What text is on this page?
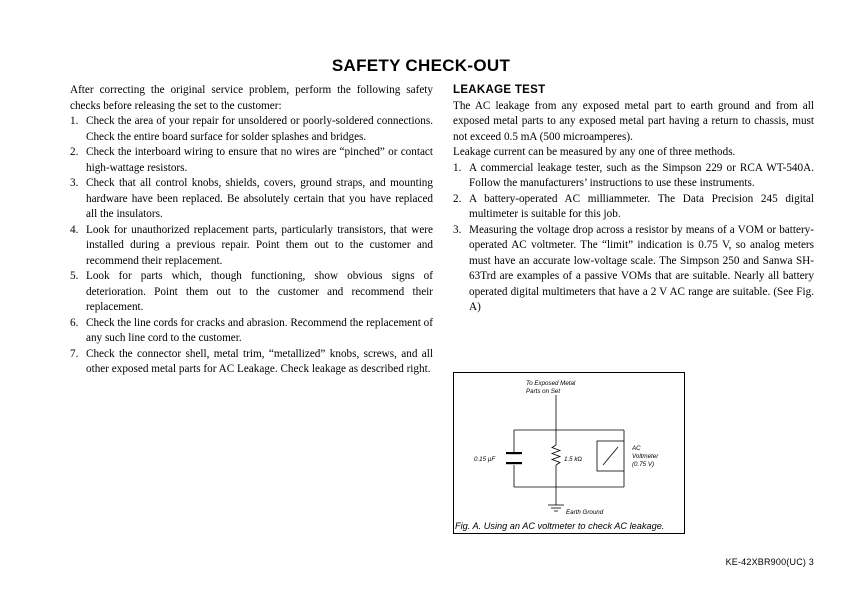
SAFETY CHECK-OUT

After correcting the original service problem, perform the following safety checks before releasing the set to the customer:

1. Check the area of your repair for unsoldered or poorly-soldered connections. Check the entire board surface for solder splashes and bridges.
2. Check the interboard wiring to ensure that no wires are “pinched” or contact high-wattage resistors.
3. Check that all control knobs, shields, covers, ground straps, and mounting hardware have been replaced. Be absolutely certain that you have replaced all the insulators.
4. Look for unauthorized replacement parts, particularly transistors, that were installed during a previous repair. Point them out to the customer and recommend their replacement.
5. Look for parts which, though functioning, show obvious signs of deterioration. Point them out to the customer and recommend their replacement.
6. Check the line cords for cracks and abrasion. Recommend the replacement of any such line cord to the customer.
7. Check the connector shell, metal trim, “metallized” knobs, screws, and all other exposed metal parts for AC Leakage. Check leakage as described right.
LEAKAGE TEST

The AC leakage from any exposed metal part to earth ground and from all exposed metal parts to any exposed metal part having a return to chassis, must not exceed 0.5 mA (500 microamperes).

Leakage current can be measured by any one of three methods.

1. A commercial leakage tester, such as the Simpson 229 or RCA WT-540A. Follow the manufacturers’ instructions to use these instruments.
2. A battery-operated AC milliammeter. The Data Precision 245 digital multimeter is suitable for this job.
3. Measuring the voltage drop across a resistor by means of a VOM or battery-operated AC voltmeter. The “limit” indication is 0.75 V, so analog meters must have an accurate low-voltage scale. The Simpson 250 and Sanwa SH-63Trd are examples of a passive VOMs that are suitable. Nearly all battery operated digital multimeters that have a 2 V AC range are suitable. (See Fig. A)
To Exposed Metal
Parts on Set
0.15 µF	1.5 kΩ
AC
Voltmeter
(0.75 V)
Earth Ground
Fig. A. Using an AC voltmeter to check AC leakage.
KE-42XBR900(UC) 3
